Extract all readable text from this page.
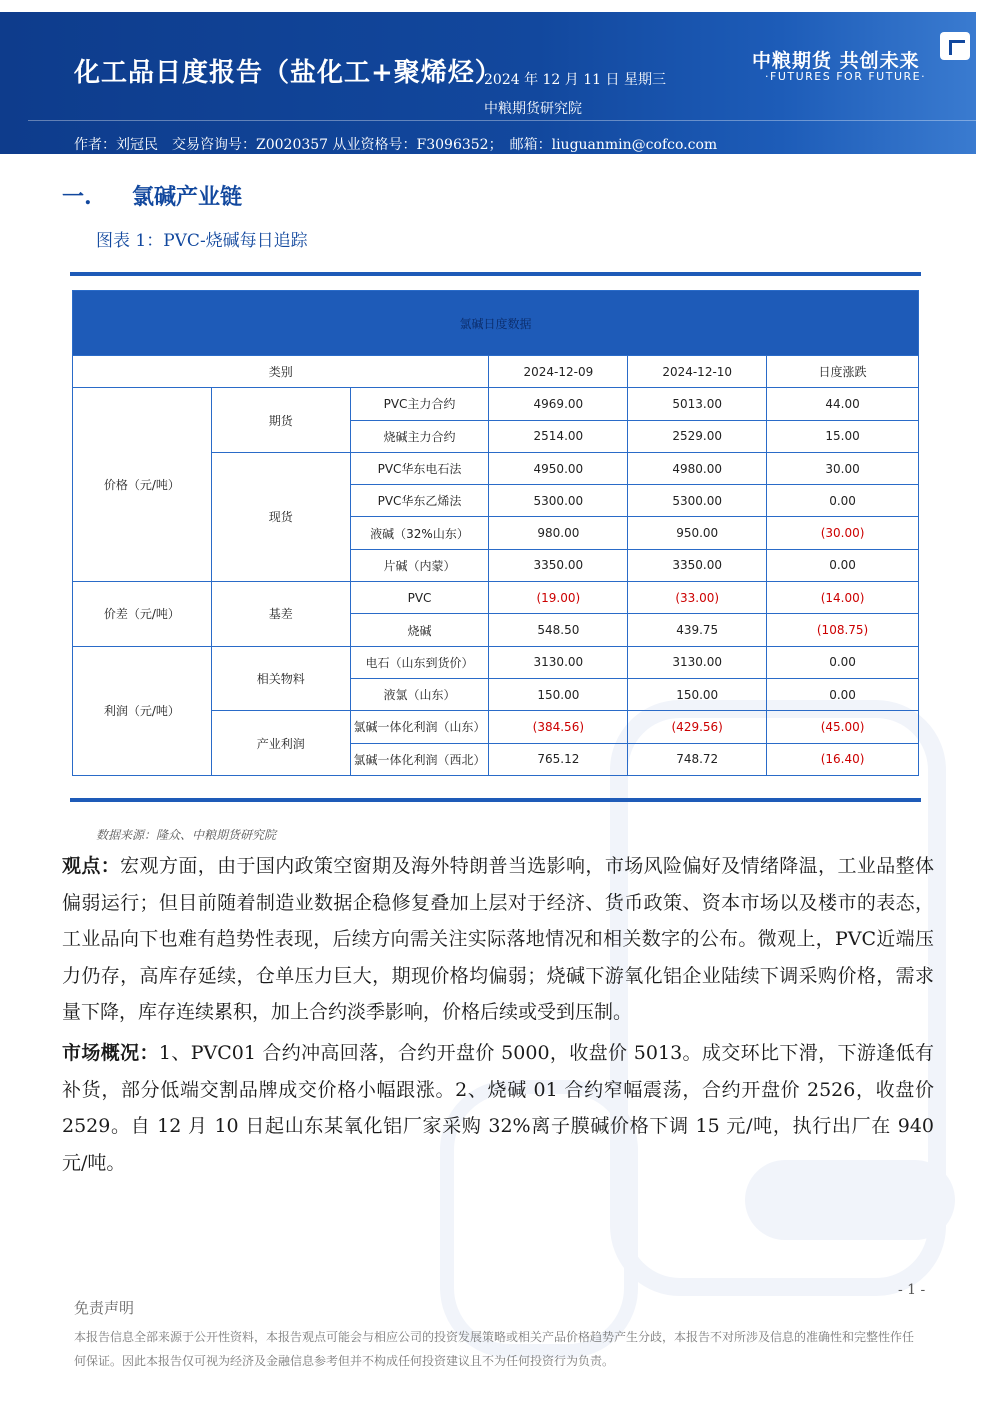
化工品日度报告（盐化工+聚烯烃）
2024 年 12 月 11 日 星期三
中粮期货研究院
作者：刘冠民　交易咨询号：Z0020357 从业资格号：F3096352；　邮箱：liuguanmin@cofco.com
中粮期货 共创未来
·FUTURES FOR FUTURE·
一. 氯碱产业链
图表 1：PVC-烧碱每日追踪
氯碱日度数据					
类别			2024-12-09	2024-12-10	日度涨跌
价格（元/吨）	期货	PVC主力合约	4969.00	5013.00	44.00
		烧碱主力合约	2514.00	2529.00	15.00
	现货	PVC华东电石法	4950.00	4980.00	30.00
		PVC华东乙烯法	5300.00	5300.00	0.00
		液碱（32%山东）	980.00	950.00	(30.00)
		片碱（内蒙）	3350.00	3350.00	0.00
价差（元/吨）	基差	PVC	(19.00)	(33.00)	(14.00)
		烧碱	548.50	439.75	(108.75)
利润（元/吨）	相关物料	电石（山东到货价）	3130.00	3130.00	0.00
		液氯（山东）	150.00	150.00	0.00
	产业利润	氯碱一体化利润（山东）	(384.56)	(429.56)	(45.00)
		氯碱一体化利润（西北）	765.12	748.72	(16.40)
数据来源：隆众、中粮期货研究院
观点：宏观方面，由于国内政策空窗期及海外特朗普当选影响，市场风险偏好及情绪降温，工业品整体偏弱运行；但目前随着制造业数据企稳修复叠加上层对于经济、货币政策、资本市场以及楼市的表态，工业品向下也难有趋势性表现，后续方向需关注实际落地情况和相关数字的公布。微观上，PVC近端压力仍存，高库存延续，仓单压力巨大，期现价格均偏弱；烧碱下游氧化铝企业陆续下调采购价格，需求量下降，库存连续累积，加上合约淡季影响，价格后续或受到压制。
市场概况：1、PVC01 合约冲高回落，合约开盘价 5000，收盘价 5013。成交环比下滑，下游逢低有补货，部分低端交割品牌成交价格小幅跟涨。2、烧碱 01 合约窄幅震荡，合约开盘价 2526，收盘价 2529。自 12 月 10 日起山东某氧化铝厂家采购 32%离子膜碱价格下调 15 元/吨，执行出厂在 940 元/吨。
- 1 -
免责声明
本报告信息全部来源于公开性资料，本报告观点可能会与相应公司的投资发展策略或相关产品价格趋势产生分歧，本报告不对所涉及信息的准确性和完整性作任何保证。因此本报告仅可视为经济及金融信息参考但并不构成任何投资建议且不为任何投资行为负责。
